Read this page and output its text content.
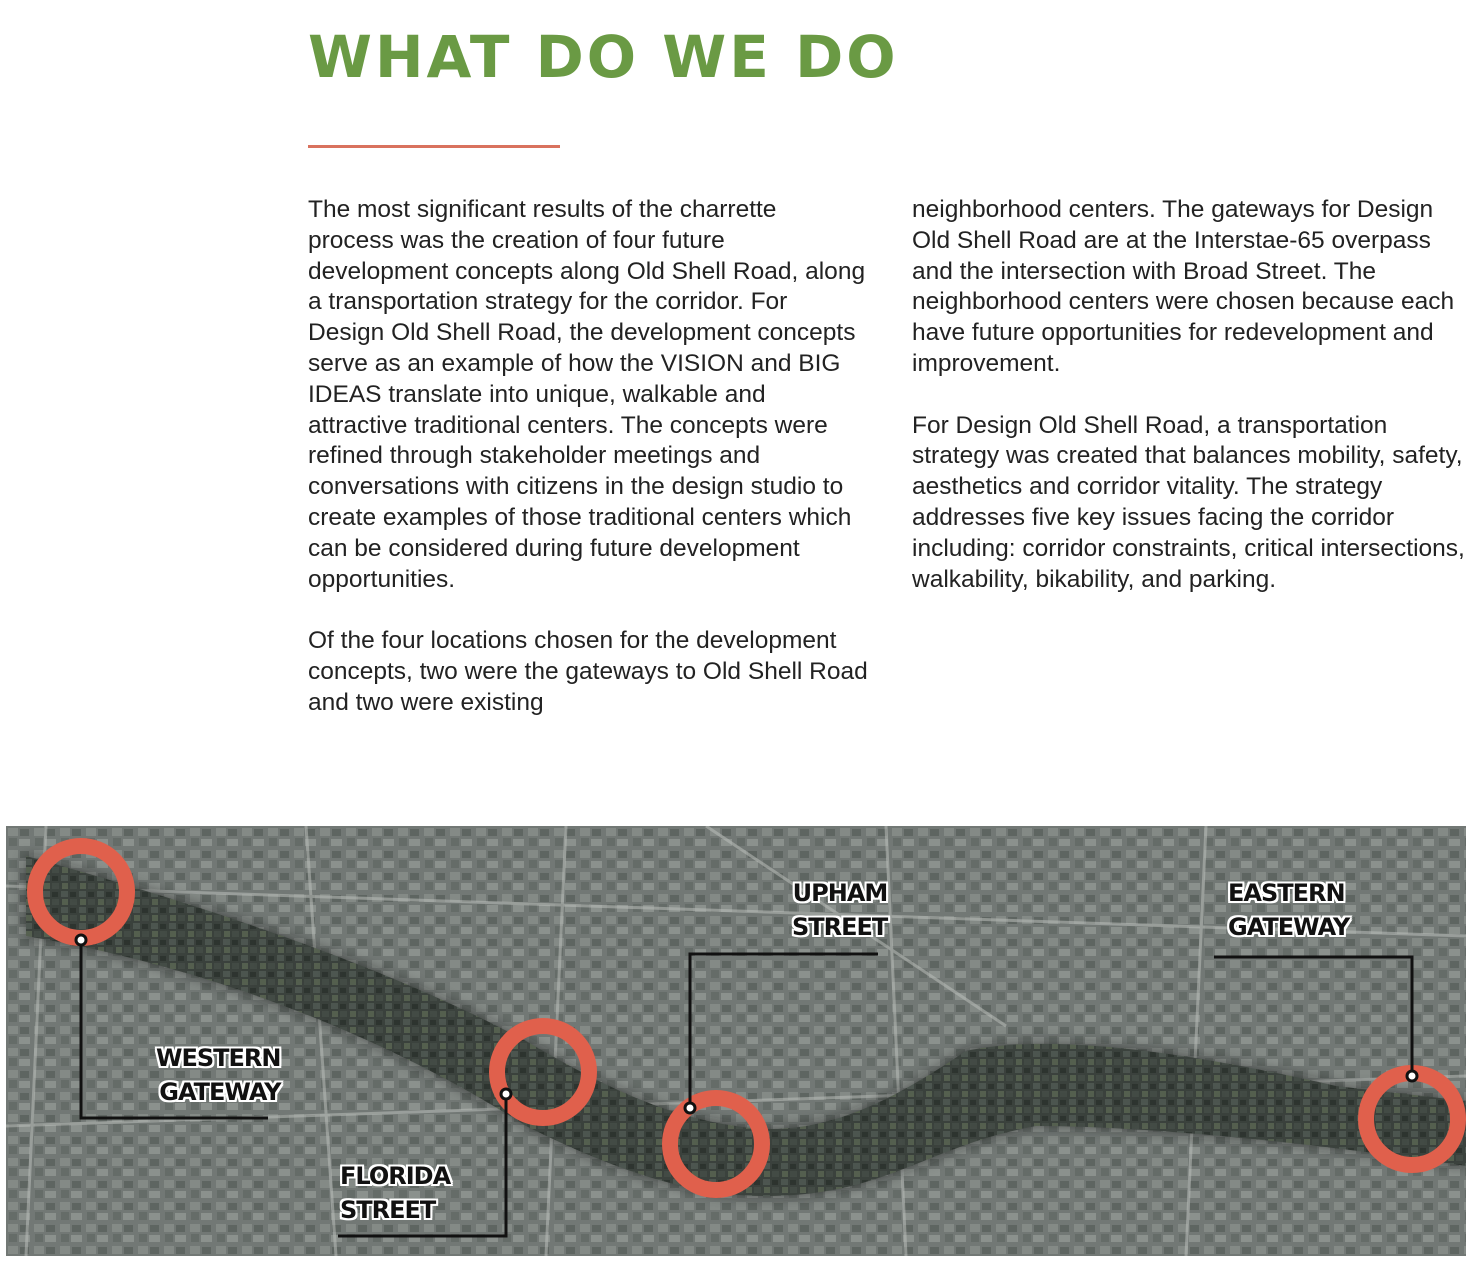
WHAT DO WE DO

The most significant results of the charrette process was the creation of four future development concepts along Old Shell Road, along a transportation strategy for the corridor. For Design Old Shell Road, the development concepts serve as an example of how the VISION and BIG IDEAS translate into unique, walkable and attractive traditional centers. The concepts were refined through stakeholder meetings and conversations with citizens in the design studio to create examples of those traditional centers which can be considered during future development opportunities.

Of the four locations chosen for the development concepts, two were the gateways to Old Shell Road and two were existing

neighborhood centers. The gateways for Design Old Shell Road are at the Interstae-65 overpass and the intersection with Broad Street. The neighborhood centers were chosen because each have future opportunities for redevelopment and improvement.

For Design Old Shell Road, a transportation strategy was created that balances mobility, safety, aesthetics and corridor vitality. The strategy addresses five key issues facing the corridor including: corridor constraints, critical intersections, walkability, bikability, and parking.

WESTERN
GATEWAY
FLORIDA
STREET
UPHAM
STREET
EASTERN
GATEWAY
